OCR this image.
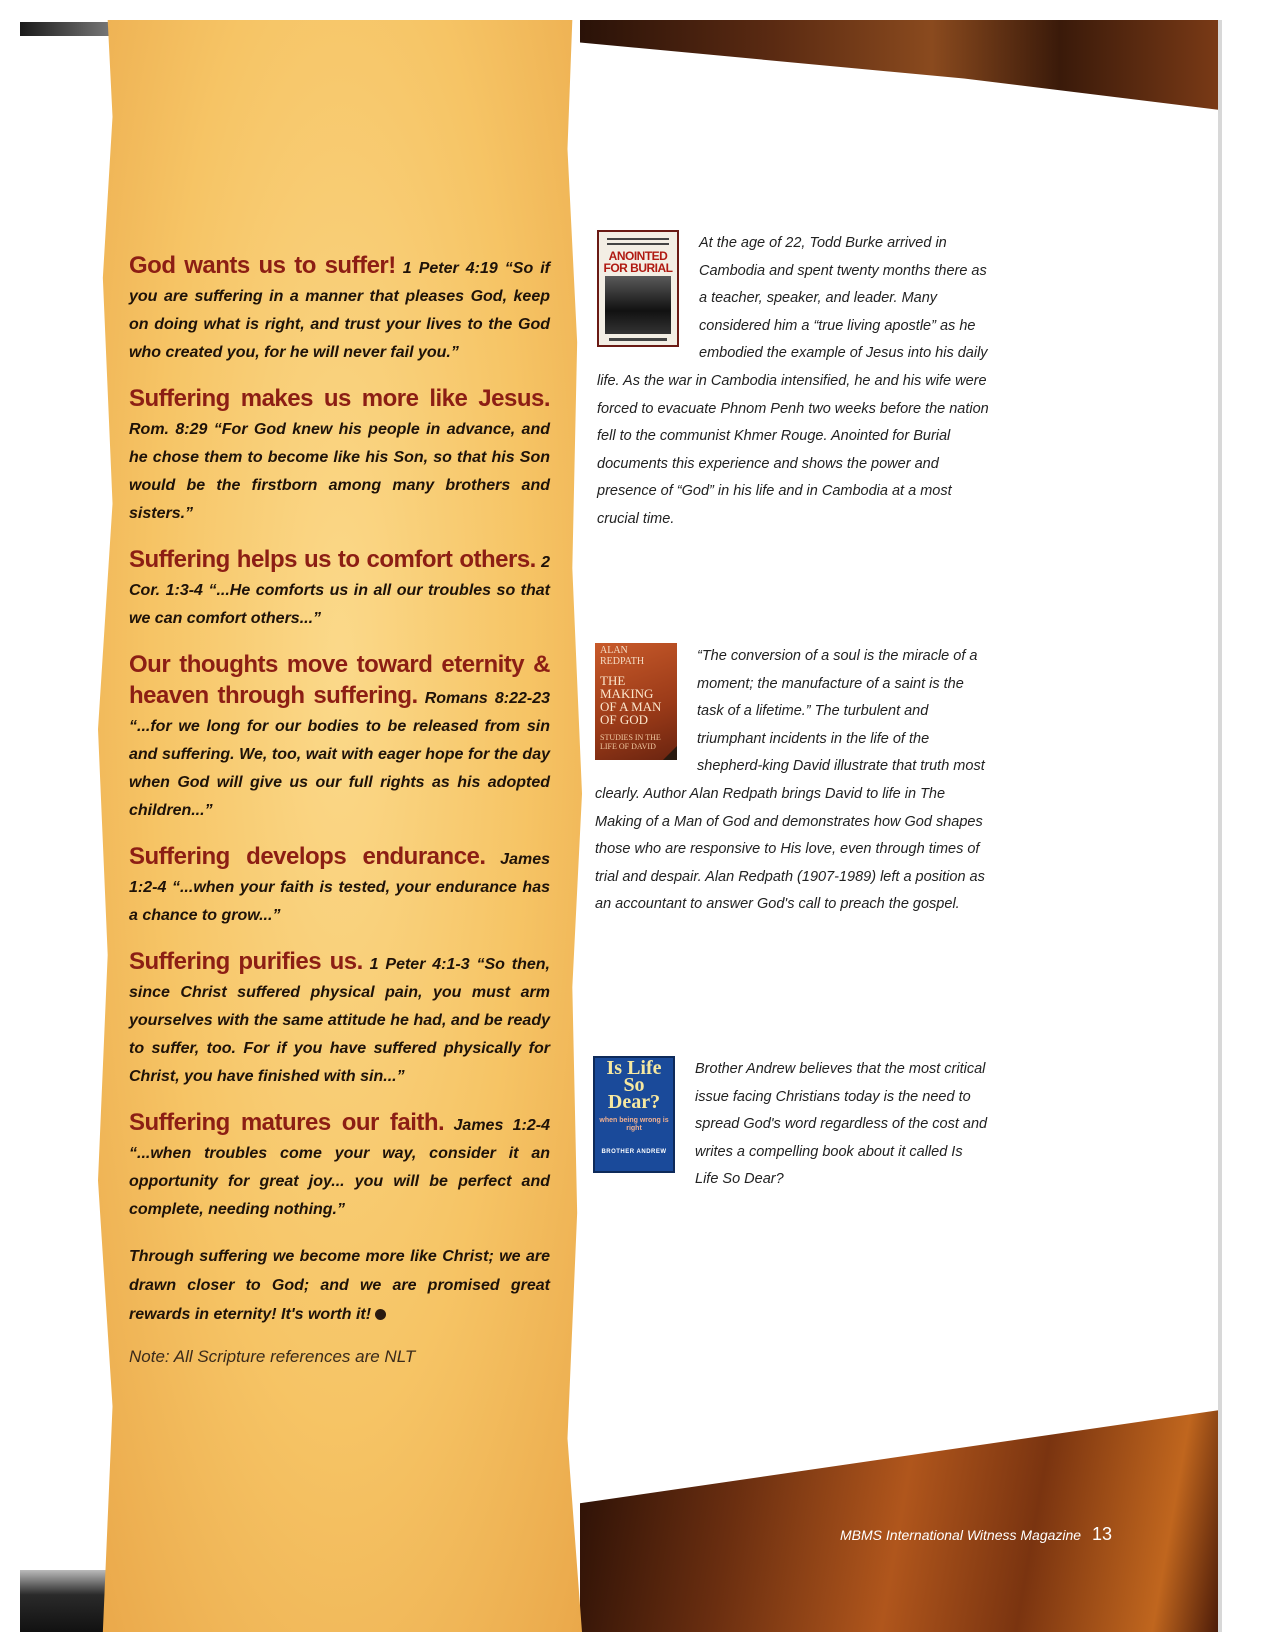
God wants us to suffer! 1 Peter 4:19 “So if you are suffering in a manner that pleases God, keep on doing what is right, and trust your lives to the God who created you, for he will never fail you.”

Suffering makes us more like Jesus. Rom. 8:29 “For God knew his people in advance, and he chose them to become like his Son, so that his Son would be the firstborn among many brothers and sisters.”

Suffering helps us to comfort others. 2 Cor. 1:3-4 “...He comforts us in all our troubles so that we can comfort others...”

Our thoughts move toward eternity & heaven through suffering. Romans 8:22-23 “...for we long for our bodies to be released from sin and suffering. We, too, wait with eager hope for the day when God will give us our full rights as his adopted children...”

Suffering develops endurance. James 1:2-4 “...when your faith is tested, your endurance has a chance to grow...”

Suffering purifies us. 1 Peter 4:1-3 “So then, since Christ suffered physical pain, you must arm yourselves with the same attitude he had, and be ready to suffer, too. For if you have suffered physically for Christ, you have finished with sin...”

Suffering matures our faith. James 1:2-4 “...when troubles come your way, consider it an opportunity for great joy... you will be perfect and complete, needing nothing.”

Through suffering we become more like Christ; we are drawn closer to God; and we are promised great rewards in eternity! It's worth it!

Note: All Scripture references are NLT
ANOINTED FOR BURIAL
At the age of 22, Todd Burke arrived in Cambodia and spent twenty months there as a teacher, speaker, and leader. Many considered him a “true living apostle” as he embodied the example of Jesus into his daily life. As the war in Cambodia intensified, he and his wife were forced to evacuate Phnom Penh two weeks before the nation fell to the communist Khmer Rouge. Anointed for Burial documents this experience and shows the power and presence of “God” in his life and in Cambodia at a most crucial time.
ALAN REDPATH
THE MAKING OF A MAN OF GOD
STUDIES IN THE LIFE OF DAVID
“The conversion of a soul is the miracle of a moment; the manufacture of a saint is the task of a lifetime.” The turbulent and triumphant incidents in the life of the shepherd-king David illustrate that truth most clearly. Author Alan Redpath brings David to life in The Making of a Man of God and demonstrates how God shapes those who are responsive to His love, even through times of trial and despair. Alan Redpath (1907-1989) left a position as an accountant to answer God's call to preach the gospel.
Is Life So Dear?
when being wrong is right
BROTHER ANDREW
Brother Andrew believes that the most critical issue facing Christians today is the need to spread God's word regardless of the cost and writes a compelling book about it called Is Life So Dear?
MBMS International Witness Magazine 13
